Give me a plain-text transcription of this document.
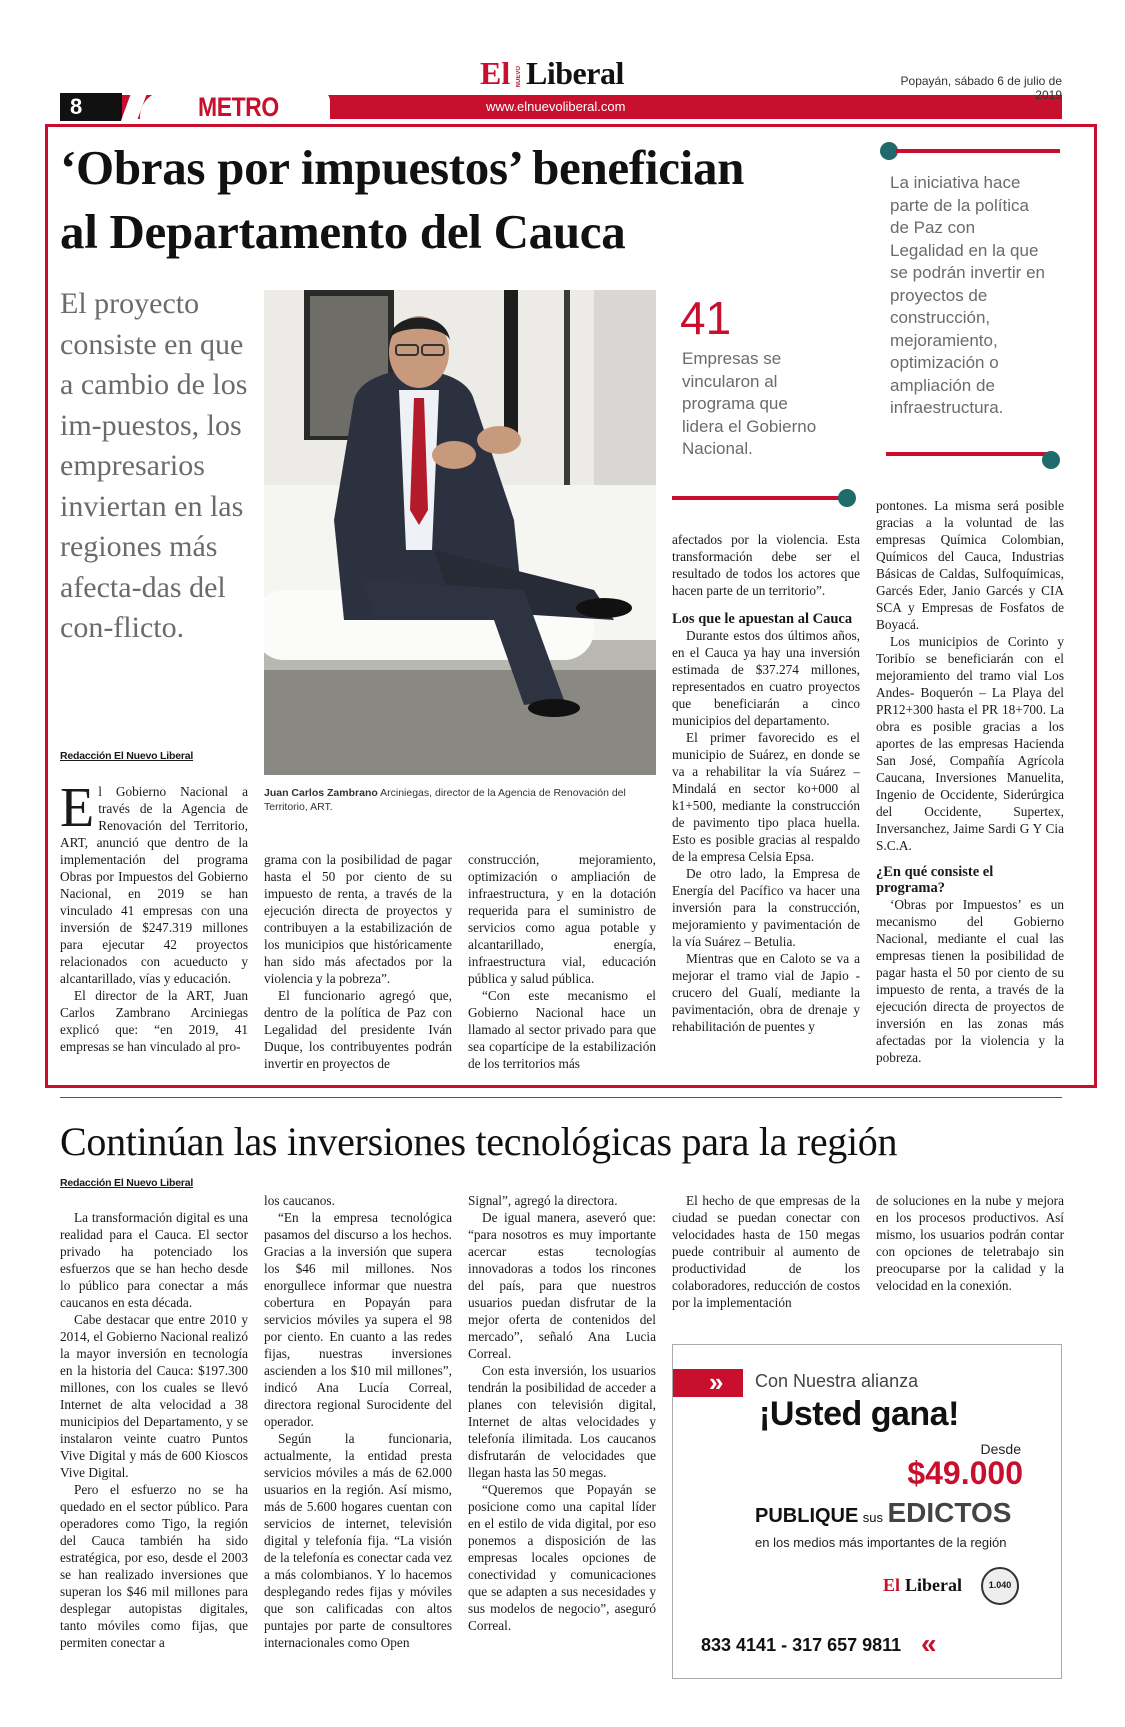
8	METRO
El NUEVO Liberal
www.elnuevoliberal.com
Popayán, sábado 6 de julio de 2019
‘Obras por impuestos’ benefician
al Departamento del Cauca
El proyecto consiste en que a cambio de los im-puestos, los empresarios inviertan en las regiones más afecta-das del con-flicto.
Redacción El Nuevo Liberal
Juan Carlos Zambrano Arciniegas, director de la Agencia de Renovación del Territorio, ART.
41
Empresas se vincularon al programa que lidera el Gobierno Nacional.
La iniciativa hace parte de la política de Paz con Legalidad en la que se podrán invertir en proyectos de construcción, mejoramiento, optimización o ampliación de infraestructura.

El Gobierno Nacional a través de la Agencia de Renovación del Territorio, ART, anunció que dentro de la implementación del programa Obras por Impuestos del Gobierno Nacional, en 2019 se han vinculado 41 empresas con una inversión de $247.319 millones para ejecutar 42 proyectos relacionados con acueducto y alcantarillado, vías y educación.

El director de la ART, Juan Carlos Zambrano Arciniegas explicó que: “en 2019, 41 empresas se han vinculado al pro-

grama con la posibilidad de pagar hasta el 50 por ciento de su impuesto de renta, a través de la ejecución directa de proyectos y contribuyen a la estabilización de los municipios que históricamente han sido más afectados por la violencia y la pobreza”.

El funcionario agregó que, dentro de la política de Paz con Legalidad del presidente Iván Duque, los contribuyentes podrán invertir en proyectos de

construcción, mejoramiento, optimización o ampliación de infraestructura, y en la dotación requerida para el suministro de servicios como agua potable y alcantarillado, energía, infraestructura vial, educación pública y salud pública.

“Con este mecanismo el Gobierno Nacional hace un llamado al sector privado para que sea copartícipe de la estabilización de los territorios más

afectados por la violencia. Esta transformación debe ser el resultado de todos los actores que hacen parte de un territorio”.

Los que le apuestan al Cauca

Durante estos dos últimos años, en el Cauca ya hay una inversión estimada de $37.274 millones, representados en cuatro proyectos que beneficiarán a cinco municipios del departamento.

El primer favorecido es el municipio de Suárez, en donde se va a rehabilitar la vía Suárez – Mindalá en sector ko+000 al k1+500, mediante la construcción de pavimento tipo placa huella. Esto es posible gracias al respaldo de la empresa Celsia Epsa.

De otro lado, la Empresa de Energía del Pacífico va hacer una inversión para la construcción, mejoramiento y pavimentación de la vía Suárez – Betulia.

Mientras que en Caloto se va a mejorar el tramo vial de Japio - crucero del Gualí, mediante la pavimentación, obra de drenaje y rehabilitación de puentes y

pontones. La misma será posible gracias a la voluntad de las empresas Química Colombian, Químicos del Cauca, Industrias Básicas de Caldas, Sulfoquímicas, Garcés Eder, Janio Garcés y CIA SCA y Empresas de Fosfatos de Boyacá.

Los municipios de Corinto y Toribío se beneficiarán con el mejoramiento del tramo vial Los Andes- Boquerón – La Playa del PR12+300 hasta el PR 18+700. La obra es posible gracias a los aportes de las empresas Hacienda San José, Compañía Agrícola Caucana, Inversiones Manuelita, Ingenio de Occidente, Siderúrgica del Occidente, Supertex, Inversanchez, Jaime Sardi G Y Cia S.C.A.

¿En qué consiste el programa?

‘Obras por Impuestos’ es un mecanismo del Gobierno Nacional, mediante el cual las empresas tienen la posibilidad de pagar hasta el 50 por ciento de su impuesto de renta, a través de la ejecución directa de proyectos de inversión en las zonas más afectadas por la violencia y la pobreza.

Continúan las inversiones tecnológicas para la región
Redacción El Nuevo Liberal

La transformación digital es una realidad para el Cauca. El sector privado ha potenciado los esfuerzos que se han hecho desde lo público para conectar a más caucanos en esta década.

Cabe destacar que entre 2010 y 2014, el Gobierno Nacional realizó la mayor inversión en tecnología en la historia del Cauca: $197.300 millones, con los cuales se llevó Internet de alta velocidad a 38 municipios del Departamento, y se instalaron veinte cuatro Puntos Vive Digital y más de 600 Kioscos Vive Digital.

Pero el esfuerzo no se ha quedado en el sector público. Para operadores como Tigo, la región del Cauca también ha sido estratégica, por eso, desde el 2003 se han realizado inversiones que superan los $46 mil millones para desplegar autopistas digitales, tanto móviles como fijas, que permiten conectar a

los caucanos.

“En la empresa tecnológica pasamos del discurso a los hechos. Gracias a la inversión que supera los $46 mil millones. Nos enorgullece informar que nuestra cobertura en Popayán para servicios móviles ya supera el 98 por ciento. En cuanto a las redes fijas, nuestras inversiones ascienden a los $10 mil millones”, indicó Ana Lucía Correal, directora regional Surocidente del operador.

Según la funcionaria, actualmente, la entidad presta servicios móviles a más de 62.000 usuarios en la región. Así mismo, más de 5.600 hogares cuentan con servicios de internet, televisión digital y telefonía fija. “La visión de la telefonía es conectar cada vez a más colombianos. Y lo hacemos desplegando redes fijas y móviles que son calificadas con altos puntajes por parte de consultores internacionales como Open

Signal”, agregó la directora.

De igual manera, aseveró que: “para nosotros es muy importante acercar estas tecnologías innovadoras a todos los rincones del país, para que nuestros usuarios puedan disfrutar de la mejor oferta de contenidos del mercado”, señaló Ana Lucia Correal.

Con esta inversión, los usuarios tendrán la posibilidad de acceder a planes con televisión digital, Internet de altas velocidades y telefonía ilimitada. Los caucanos disfrutarán de velocidades que llegan hasta las 50 megas.

“Queremos que Popayán se posicione como una capital líder en el estilo de vida digital, por eso ponemos a disposición de las empresas locales opciones de conectividad y comunicaciones que se adapten a sus necesidades y sus modelos de negocio”, aseguró Correal.

El hecho de que empresas de la ciudad se puedan conectar con velocidades hasta de 150 megas puede contribuir al aumento de productividad de los colaboradores, reducción de costos por la implementación

de soluciones en la nube y mejora en los procesos productivos. Así mismo, los usuarios podrán contar con opciones de teletrabajo sin preocuparse por la calidad y la velocidad en la conexión.

» Con Nuestra alianza
¡Usted gana!
Desde
$49.000
PUBLIQUE sus EDICTOS
en los medios más importantes de la región
El Liberal	1.040
833 4141 - 317 657 9811 «
